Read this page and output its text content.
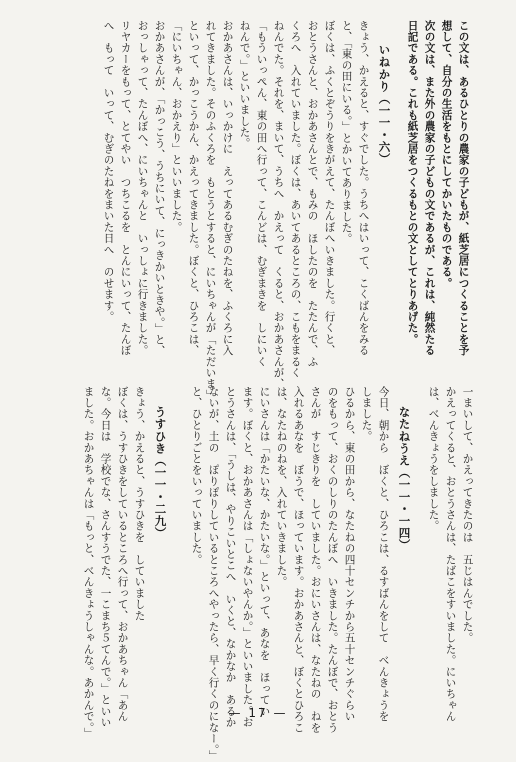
この文は、あるひとりの農家の子どもが、紙芝居につくることを予
想して、自分の生活をもとにしてかいたものである。
次の文は、また外の農家の子どもの文であるが、これは、純然たる
日記である。これも紙芝居をつくるもとの文としてとりあげた。
いねかり（一一・六）
きょう、かえると、すぐでした。うちへはいって、こくばんをみる
と、「東の田にいる。」とかいてありました。
ぼくは、ふくとぞうりをきがえて、たんぼへいきました。行くと、
おとうさんと、おかあさんとで、もみの　ほしたのを　たたんで、ふ
くろへ　入れていました。ぼくは、あいてあるところの、こもをまるく
ねんでた。それを、まいて、うちへ　かえって　くると、おかあさんが、
「もういっぺん、東の田へ行って、こんどは、むぎまきを　しにいく
ねんで。」といいました。
おかあさんは、いっかけに　えってあるむぎのたねを、ふくろに入
れてきました。そのふくろを　もとうとすると、にいちゃんが「ただいま」
といって、かっこうかん、かえってきました。ぼくと、ひろこは、
「にいちゃん、おかえり」といいました。
おかあさんが、「かっこう、うちにいて、にっきかいときや。」と、
おっしゃって、たんぼへ、にいちゃんと　いっしょに行きました。
リヤカーをもって、とてやい　つちこるを　とんにいって、たんぼ
へ　もって　いって、むぎのたねをまいた日へ　のせます。
一まいして、かえってきたのは　五じはんでした。
かえってくると、おとうさんは、たばこをすいました。にいちゃん
は、べんきょうをしました。
なたねうえ（一一・一四）
今日、朝から　ぼくと、ひろこは、るすばんをして　べんきょうを
しました。
ひるから、東の田から、なたねの四十センチから五十センチぐらい
のをもって、おくのしりのたんぼへ　いきました。たんぼで、おとう
さんが　すじきりを　していました。おにいさんは、なたねの　ねを
入れるあなを　ぼうで、ほっています。おかあさんと、ぼくとひろこ
は、なたねのねを、入れていきました。
にいさんは「かたいな、かたいな。」といって、あなを　ほってい
ます。ぼくと、おかあさんは「しょないやんか。」といいました。お
とうさんは、「うしは、やりこいとこへ　いくと、なかなか　あるか
ないが、土の　ぽりぽりしているところへやったら、早く行くのになー。」
と、ひとりごとをいっていました。
うすひき（一一・二九）
きょう、かえると、うすひきを　していました
ぼくは、うすひきをしているところへ行って、おかあちゃん「あん
な。今日は　学校でな、さんすうでた、一こまち５てんで。」といい
ました。おかあちゃんは「もっと、べんきょうしゃんな。あかんで。」	— 17 —
